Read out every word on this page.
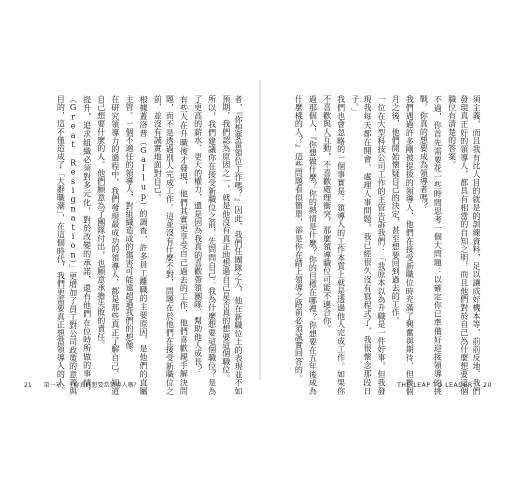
者，『你想要當領位工作嗎？』因此，我們任團隊之人，他在新職位上的表現並不如預期，我們認為原因之一，就是他沒有真正地想過自己是否真的想要這個職位。
所以，我們建議你在接受新職位之前，先問問自己：我為什麼想要這個職位？是為了更高的薪水、更大的權力，還是因為我真的喜歡帶領團隊、幫助他人成長？
有些人在升職後才發現，他們其實更享受自己過去的工作，他們喜歡親手解決問題，而不是透過別人完成工作。這並沒有什麼不對，問題在於他們在接受新職位之前，並沒有誠實地面對自己。
根據蓋洛普（Gallup）的調查，許多員工離職的主要原因，是他們的直屬主管。一個不適任的領導人，對組織造成的傷害可能遠超過我們的想像。
在研究領導力的過程中，我們發現最成功的領導人，都是那些真正了解自己、知道自己想要什麼的人。他們願意為了團隊付出，也願意承擔失敗的責任。
提升，追求組織必須對多元化，對於改變的承諾，還有他們在位時所做的事情，（Great Resignation）」更增加了員工對公司政策的意義與目的，這不僅造成了「大辭職潮」，在這個時代，我們更需要真正想當領導人的人。
21 第一章 你真的想要當領導人嗎？	須主義，而且我有比人目的就是的訓練資料，足以讓成好機本等，前前反地，我們發現真正好的領導人，都具有相當的自知之明，而且他們對於自己為什麼想要這個職位有清楚的答案。
不過，你首先需要花一些時間思考一個大問題：以確定你已準備好迎接領導的挑戰。你真的想要成為領導者嗎？
我們遇過許多剛被提拔的領導人，他們在接受新職位時充滿了興奮與期待，但幾個月之後，他們開始懷疑自己的決定，甚至想要回到過去的工作。
一位在大型科技公司工作的主管告訴我們：「我原本以為升職是一件好事，但我發現我每天都在開會、處理人事問題，我已經很久沒有寫程式了，我很懷念那段日子。」
我們也會忽略的一個事實是：領導人的工作本質上就是透過他人完成工作。如果你不喜歡與人互動，不喜歡處理衝突，那麼領導職位可能不適合你。
過那個人，『你想做什麼？你的熱情是什麼？你的目標在哪裡？你想要在五年後成為什麼樣的人？』這些問題看似簡單，卻是你在踏上領導之路前必須誠實回答的。
THE LEAP TO LEADER 20
